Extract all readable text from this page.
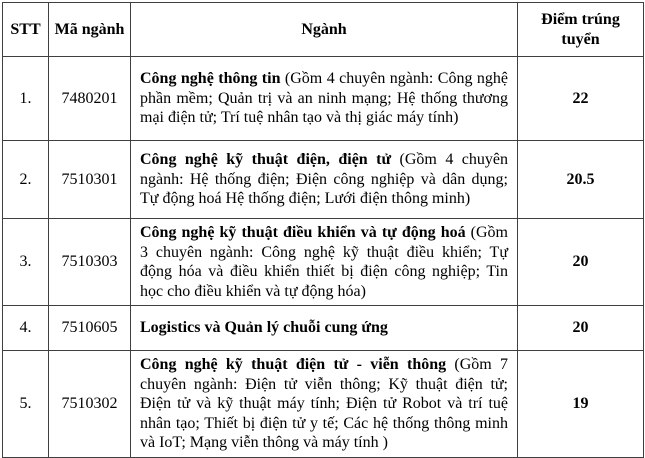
STT	Mã ngành	Ngành	Điểm trúng tuyển
1.	7480201	Công nghệ thông tin (Gồm 4 chuyên ngành: Công nghệ phần mềm; Quản trị và an ninh mạng; Hệ thống thương mại điện tử; Trí tuệ nhân tạo và thị giác máy tính)	22
2.	7510301	Công nghệ kỹ thuật điện, điện tử (Gồm 4 chuyên ngành: Hệ thống điện; Điện công nghiệp và dân dụng; Tự động hoá Hệ thống điện; Lưới điện thông minh)	20.5
3.	7510303	Công nghệ kỹ thuật điều khiển và tự động hoá (Gồm 3 chuyên ngành: Công nghệ kỹ thuật điều khiển; Tự động hóa và điều khiển thiết bị điện công nghiệp; Tin học cho điều khiển và tự động hóa)	20
4.	7510605	Logistics và Quản lý chuỗi cung ứng	20
5.	7510302	Công nghệ kỹ thuật điện tử - viễn thông (Gồm 7 chuyên ngành: Điện tử viễn thông; Kỹ thuật điện tử; Điện tử và kỹ thuật máy tính; Điện tử Robot và trí tuệ nhân tạo; Thiết bị điện tử y tế; Các hệ thống thông minh và IoT; Mạng viễn thông và máy tính )	19
